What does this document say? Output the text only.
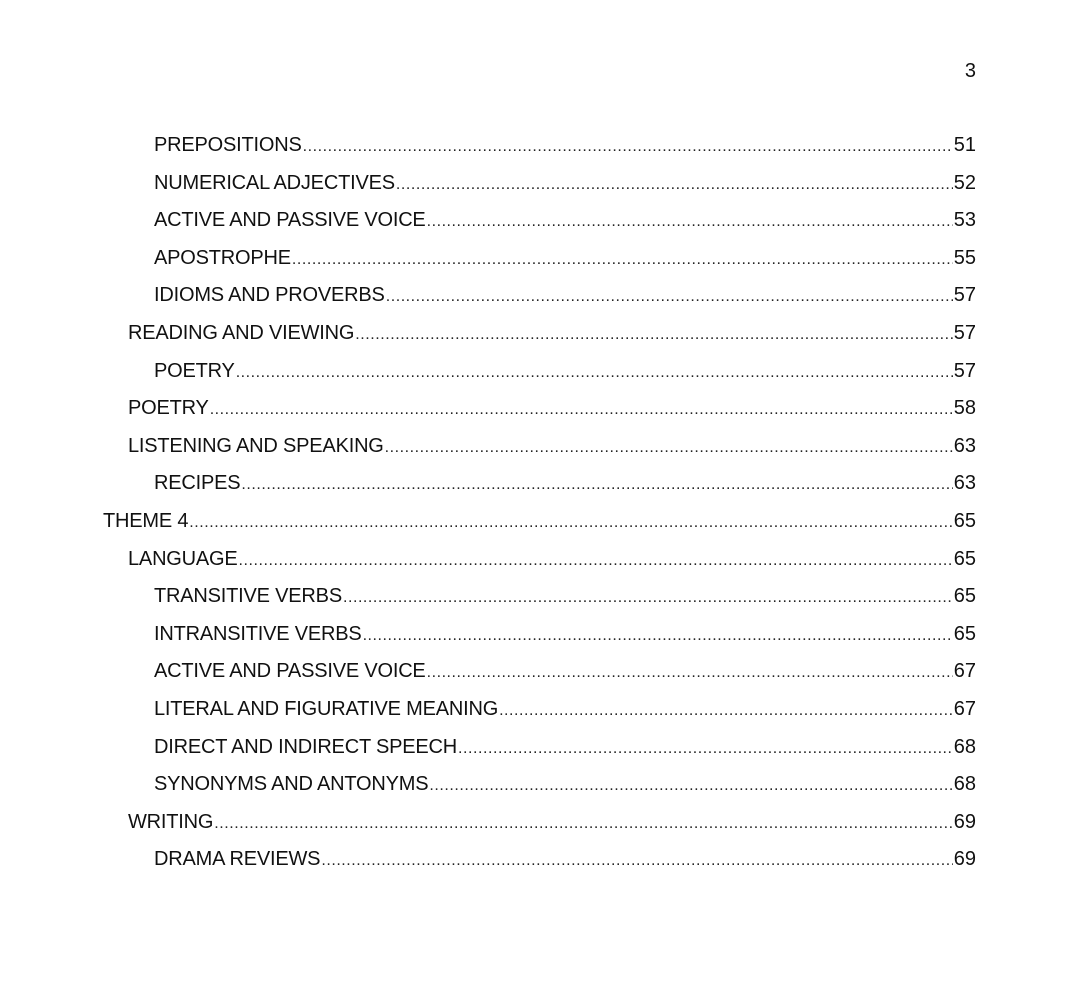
3
PREPOSITIONS .....	51
NUMERICAL ADJECTIVES .....	52
ACTIVE AND PASSIVE VOICE .....	53
APOSTROPHE .....	55
IDIOMS AND PROVERBS .....	57
READING AND VIEWING .....	57
POETRY .....	57
POETRY .....	58
LISTENING AND SPEAKING .....	63
RECIPES .....	63
THEME 4 .....	65
LANGUAGE .....	65
TRANSITIVE VERBS .....	65
INTRANSITIVE VERBS .....	65
ACTIVE AND PASSIVE VOICE .....	67
LITERAL AND FIGURATIVE MEANING .....	67
DIRECT AND INDIRECT SPEECH .....	68
SYNONYMS AND ANTONYMS .....	68
WRITING .....	69
DRAMA REVIEWS .....	69
